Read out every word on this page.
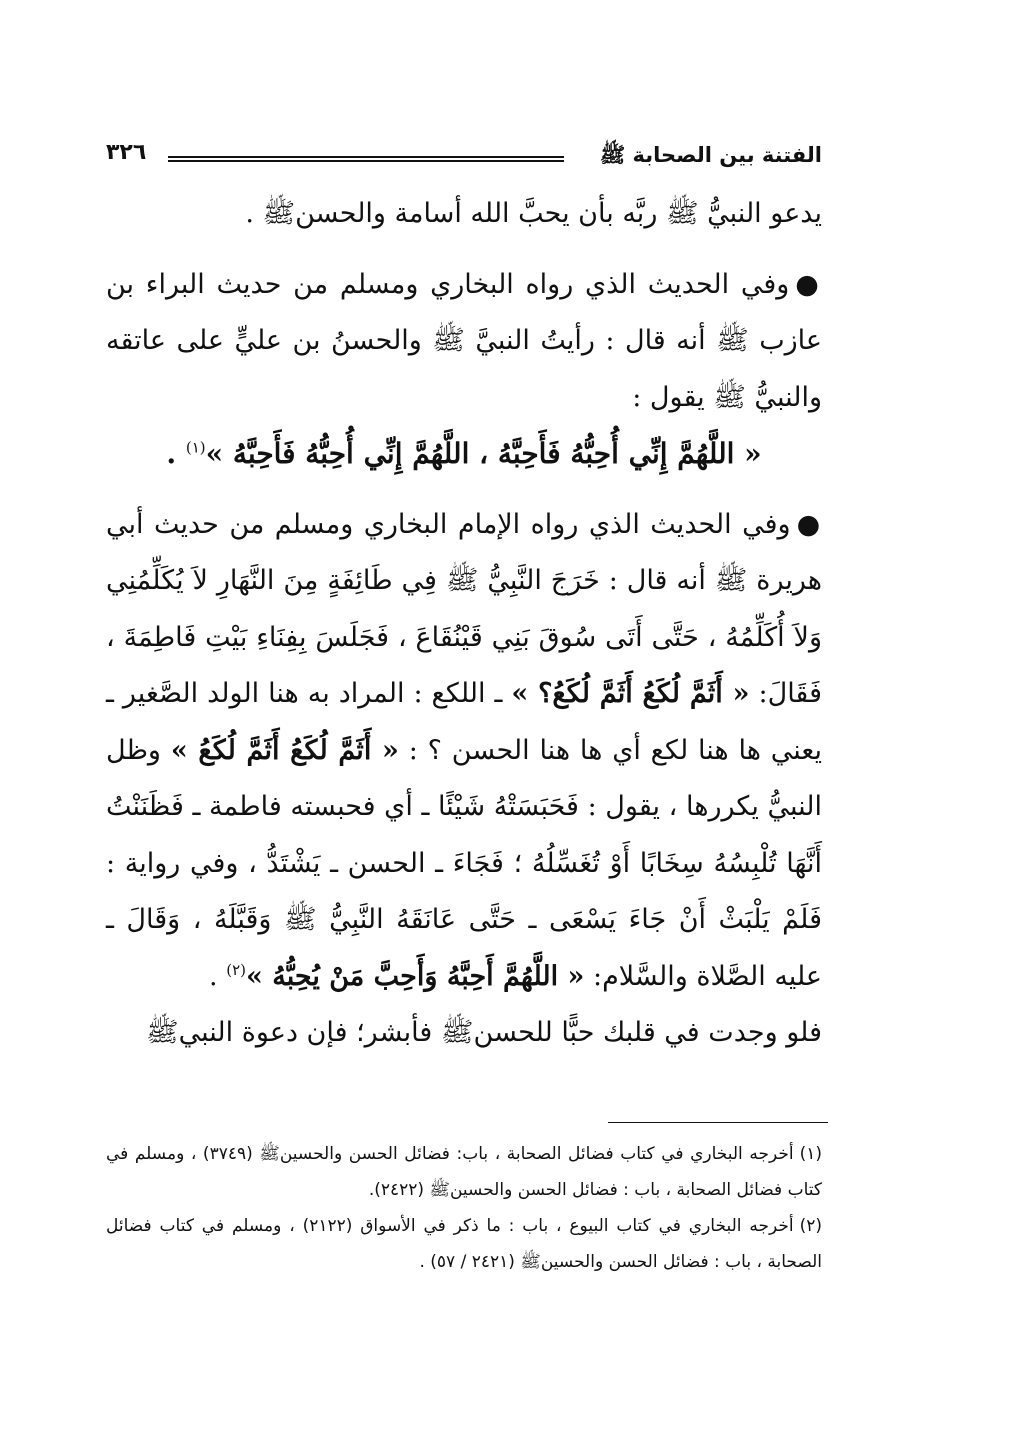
الفتنة بين الصحابة ﷺ
٣٢٦

يدعو النبيُّ ﷺ ربَّه بأن يحبَّ الله أسامة والحسنﷺ .

●وفي الحديث الذي رواه البخاري ومسلم من حديث البراء بن عازب ﷺ أنه قال : رأيتُ النبيَّ ﷺ والحسنُ بن عليٍّ على عاتقه والنبيُّ ﷺ يقول :

« اللَّهُمَّ إِنِّي أُحِبُّهُ فَأَحِبَّهُ ، اللَّهُمَّ إِنِّي أُحِبُّهُ فَأَحِبَّهُ »$^{(١)}$ .

●وفي الحديث الذي رواه الإمام البخاري ومسلم من حديث أبي هريرة ﷺ أنه قال : خَرَجَ النَّبِيُّ ﷺ فِي طَائِفَةٍ مِنَ النَّهَارِ لاَ يُكَلِّمُنِي وَلاَ أُكَلِّمُهُ ، حَتَّى أَتَى سُوقَ بَنِي قَيْنُقَاعَ ، فَجَلَسَ بِفِنَاءِ بَيْتِ فَاطِمَةَ ، فَقَالَ: « أَثَمَّ لُكَعُ أَثَمَّ لُكَعُ؟ » ـ اللكع : المراد به هنا الولد الصَّغير ـ يعني ها هنا لكع أي ها هنا الحسن ؟ : « أَثَمَّ لُكَعُ أَثَمَّ لُكَعُ » وظل النبيُّ يكررها ، يقول : فَحَبَسَتْهُ شَيْئًا ـ أي فحبسته فاطمة ـ فَظَنَنْتُ أَنَّهَا تُلْبِسُهُ سِخَابًا أَوْ تُغَسِّلُهُ ؛ فَجَاءَ ـ الحسن ـ يَشْتَدُّ ، وفي رواية : فَلَمْ يَلْبَثْ أَنْ جَاءَ يَسْعَى ـ حَتَّى عَانَقَهُ النَّبِيُّ ﷺ وَقَبَّلَهُ ، وَقَالَ ـ عليه الصَّلاة والسَّلام: « اللَّهُمَّ أَحِبَّهُ وَأَحِبَّ مَنْ يُحِبُّهُ »$^{(٢)}$ .

فلو وجدت في قلبك حبًّا للحسنﷺ فأبشر؛ فإن دعوة النبيﷺ

(١)أخرجه البخاري في كتاب فضائل الصحابة ، باب: فضائل الحسن والحسينﷺ (٣٧٤٩) ، ومسلم في كتاب فضائل الصحابة ، باب : فضائل الحسن والحسينﷺ (٢٤٢٢).

(٢)أخرجه البخاري في كتاب البيوع ، باب : ما ذكر في الأسواق (٢١٢٢) ، ومسلم في كتاب فضائل الصحابة ، باب : فضائل الحسن والحسينﷺ (٢٤٢١ / ٥٧) .
